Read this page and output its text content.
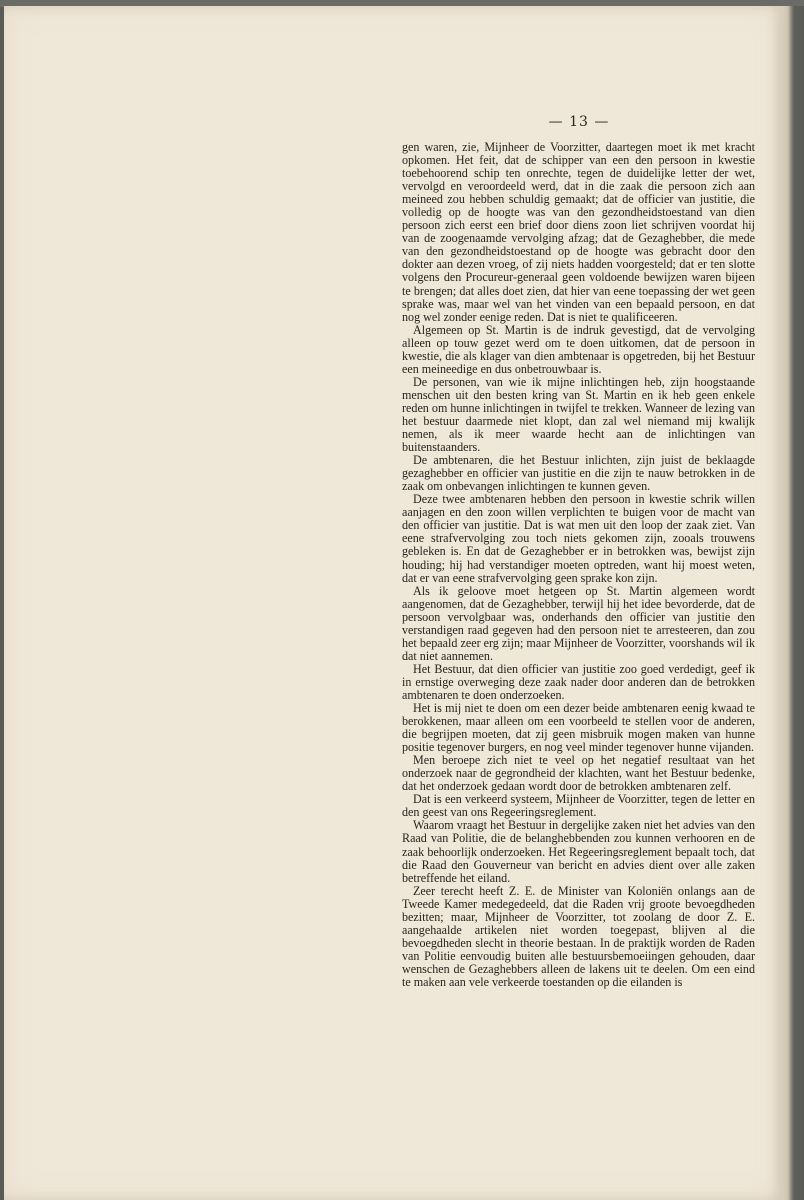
— 13 —

gen waren, zie, Mijnheer de Voorzitter, daartegen moet ik met kracht opkomen. Het feit, dat de schipper van een den persoon in kwestie toebehoorend schip ten onrechte, tegen de duidelijke letter der wet, vervolgd en veroordeeld werd, dat in die zaak die persoon zich aan meineed zou hebben schuldig gemaakt; dat de officier van justitie, die volledig op de hoogte was van den gezondheidstoestand van dien persoon zich eerst een brief door diens zoon liet schrijven voordat hij van de zoogenaamde vervolging afzag; dat de Gezaghebber, die mede van den gezondheidstoestand op de hoogte was gebracht door den dokter aan dezen vroeg, of zij niets hadden voorgesteld; dat er ten slotte volgens den Procureur-generaal geen voldoende bewijzen waren bijeen te brengen; dat alles doet zien, dat hier van eene toepassing der wet geen sprake was, maar wel van het vinden van een bepaald persoon, en dat nog wel zonder eenige reden. Dat is niet te qualificeeren.

Algemeen op St. Martin is de indruk gevestigd, dat de vervolging alleen op touw gezet werd om te doen uitkomen, dat de persoon in kwestie, die als klager van dien ambtenaar is opgetreden, bij het Bestuur een meineedige en dus onbetrouwbaar is.

De personen, van wie ik mijne inlichtingen heb, zijn hoogstaande menschen uit den besten kring van St. Martin en ik heb geen enkele reden om hunne inlichtingen in twijfel te trekken. Wanneer de lezing van het bestuur daarmede niet klopt, dan zal wel niemand mij kwalijk nemen, als ik meer waarde hecht aan de inlichtingen van buitenstaanders.

De ambtenaren, die het Bestuur inlichten, zijn juist de beklaagde gezaghebber en officier van justitie en die zijn te nauw betrokken in de zaak om onbevangen inlichtingen te kunnen geven.

Deze twee ambtenaren hebben den persoon in kwestie schrik willen aanjagen en den zoon willen verplichten te buigen voor de macht van den officier van justitie. Dat is wat men uit den loop der zaak ziet. Van eene strafvervolging zou toch niets gekomen zijn, zooals trouwens gebleken is. En dat de Gezaghebber er in betrokken was, bewijst zijn houding; hij had verstandiger moeten optreden, want hij moest weten, dat er van eene strafvervolging geen sprake kon zijn.

Als ik geloove moet hetgeen op St. Martin algemeen wordt aangenomen, dat de Gezaghebber, terwijl hij het idee bevorderde, dat de persoon vervolgbaar was, onderhands den officier van justitie den verstandigen raad gegeven had den persoon niet te arresteeren, dan zou het bepaald zeer erg zijn; maar Mijnheer de Voorzitter, voorshands wil ik dat niet aannemen.

Het Bestuur, dat dien officier van justitie zoo goed verdedigt, geef ik in ernstige overweging deze zaak nader door anderen dan de betrokken ambtenaren te doen onderzoeken.

Het is mij niet te doen om een dezer beide ambtenaren eenig kwaad te berokkenen, maar alleen om een voorbeeld te stellen voor de anderen, die begrijpen moeten, dat zij geen misbruik mogen maken van hunne positie tegenover burgers, en nog veel minder tegenover hunne vijanden.

Men beroepe zich niet te veel op het negatief resultaat van het onderzoek naar de gegrondheid der klachten, want het Bestuur bedenke, dat het onderzoek gedaan wordt door de betrokken ambtenaren zelf.

Dat is een verkeerd systeem, Mijnheer de Voorzitter, tegen de letter en den geest van ons Regeeringsreglement.

Waarom vraagt het Bestuur in dergelijke zaken niet het advies van den Raad van Politie, die de belanghebbenden zou kunnen verhooren en de zaak behoorlijk onderzoeken. Het Regeeringsreglement bepaalt toch, dat die Raad den Gouverneur van bericht en advies dient over alle zaken betreffende het eiland.

Zeer terecht heeft Z. E. de Minister van Koloniën onlangs aan de Tweede Kamer medegedeeld, dat die Raden vrij groote bevoegdheden bezitten; maar, Mijnheer de Voorzitter, tot zoolang de door Z. E. aangehaalde artikelen niet worden toegepast, blijven al die bevoegdheden slecht in theorie bestaan. In de praktijk worden de Raden van Politie eenvoudig buiten alle bestuursbemoeiingen gehouden, daar wenschen de Gezaghebbers alleen de lakens uit te deelen. Om een eind te maken aan vele verkeerde toestanden op die eilanden is
